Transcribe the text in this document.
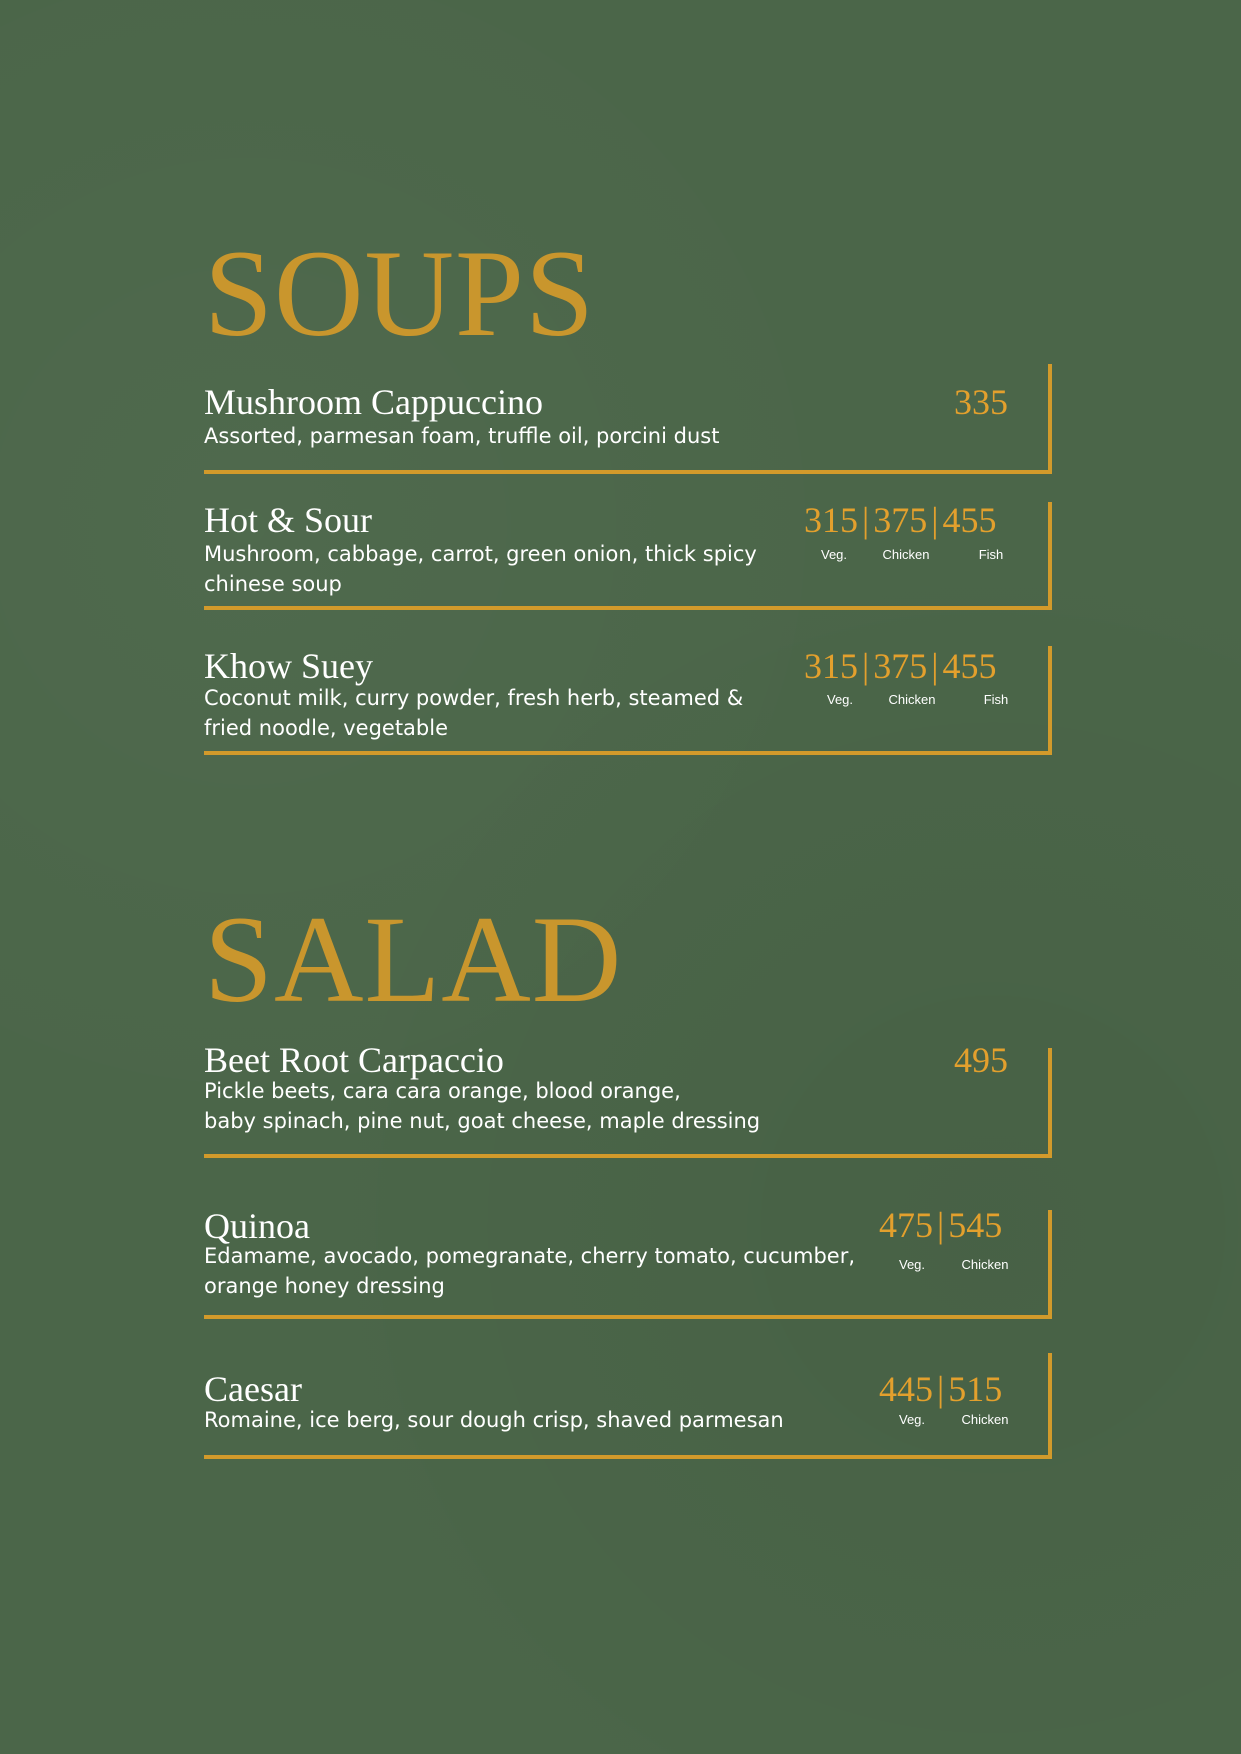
SOUPS

Mushroom Cappuccino

Assorted, parmesan foam, truffle oil, porcini dust

335

Hot & Sour

Mushroom, cabbage, carrot, green onion, thick spicy
chinese soup

315 | 375 | 455

Veg.	Chicken	Fish

Khow Suey

Coconut milk, curry powder, fresh herb, steamed &
fried noodle, vegetable

315 | 375 | 455

Veg.	Chicken	Fish
SALAD

Beet Root Carpaccio

Pickle beets, cara cara orange, blood orange,
baby spinach, pine nut, goat cheese, maple dressing

495

Quinoa

Edamame, avocado, pomegranate, cherry tomato, cucumber,
orange honey dressing

475 | 545

Veg.	Chicken

Caesar

Romaine, ice berg, sour dough crisp, shaved parmesan

445 | 515

Veg.	Chicken
